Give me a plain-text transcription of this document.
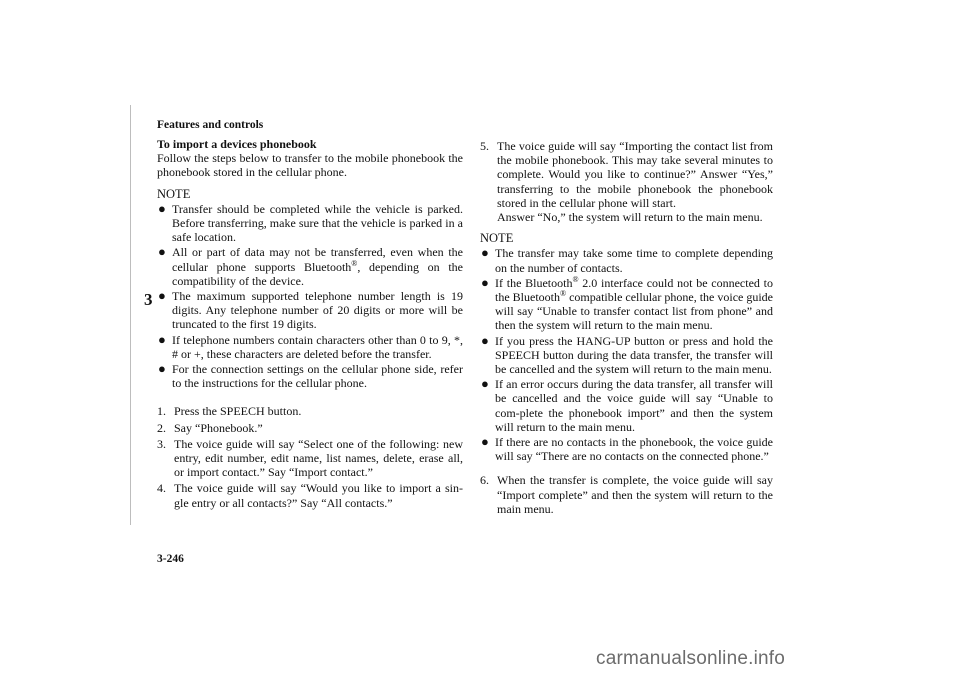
Features and controls
3
To import a devices phonebook
Follow the steps below to transfer to the mobile phonebook the phonebook stored in the cellular phone.
NOTE
● Transfer should be completed while the vehicle is parked. Before transferring, make sure that the vehicle is parked in a safe location.
● All or part of data may not be transferred, even when the cellular phone supports Bluetooth®, depending on the compatibility of the device.
● The maximum supported telephone number length is 19 digits. Any telephone number of 20 digits or more will be truncated to the first 19 digits.
● If telephone numbers contain characters other than 0 to 9, *, # or +, these characters are deleted before the transfer.
● For the connection settings on the cellular phone side, refer to the instructions for the cellular phone.
1. Press the SPEECH button.
2. Say “Phonebook.”
3. The voice guide will say “Select one of the following: new entry, edit number, edit name, list names, delete, erase all, or import contact.” Say “Import contact.”
4. The voice guide will say “Would you like to import a sin-gle entry or all contacts?” Say “All contacts.”
5. The voice guide will say “Importing the contact list from the mobile phonebook. This may take several minutes to complete. Would you like to continue?” Answer “Yes,” transferring to the mobile phonebook the phonebook stored in the cellular phone will start.
Answer “No,” the system will return to the main menu.
NOTE
● The transfer may take some time to complete depending on the number of contacts.
● If the Bluetooth® 2.0 interface could not be connected to the Bluetooth® compatible cellular phone, the voice guide will say “Unable to transfer contact list from phone” and then the system will return to the main menu.
● If you press the HANG-UP button or press and hold the SPEECH button during the data transfer, the transfer will be cancelled and the system will return to the main menu.
● If an error occurs during the data transfer, all transfer will be cancelled and the voice guide will say “Unable to com-plete the phonebook import” and then the system will return to the main menu.
● If there are no contacts in the phonebook, the voice guide will say “There are no contacts on the connected phone.”
6. When the transfer is complete, the voice guide will say “Import complete” and then the system will return to the main menu.
3-246
carmanualsonline.info
